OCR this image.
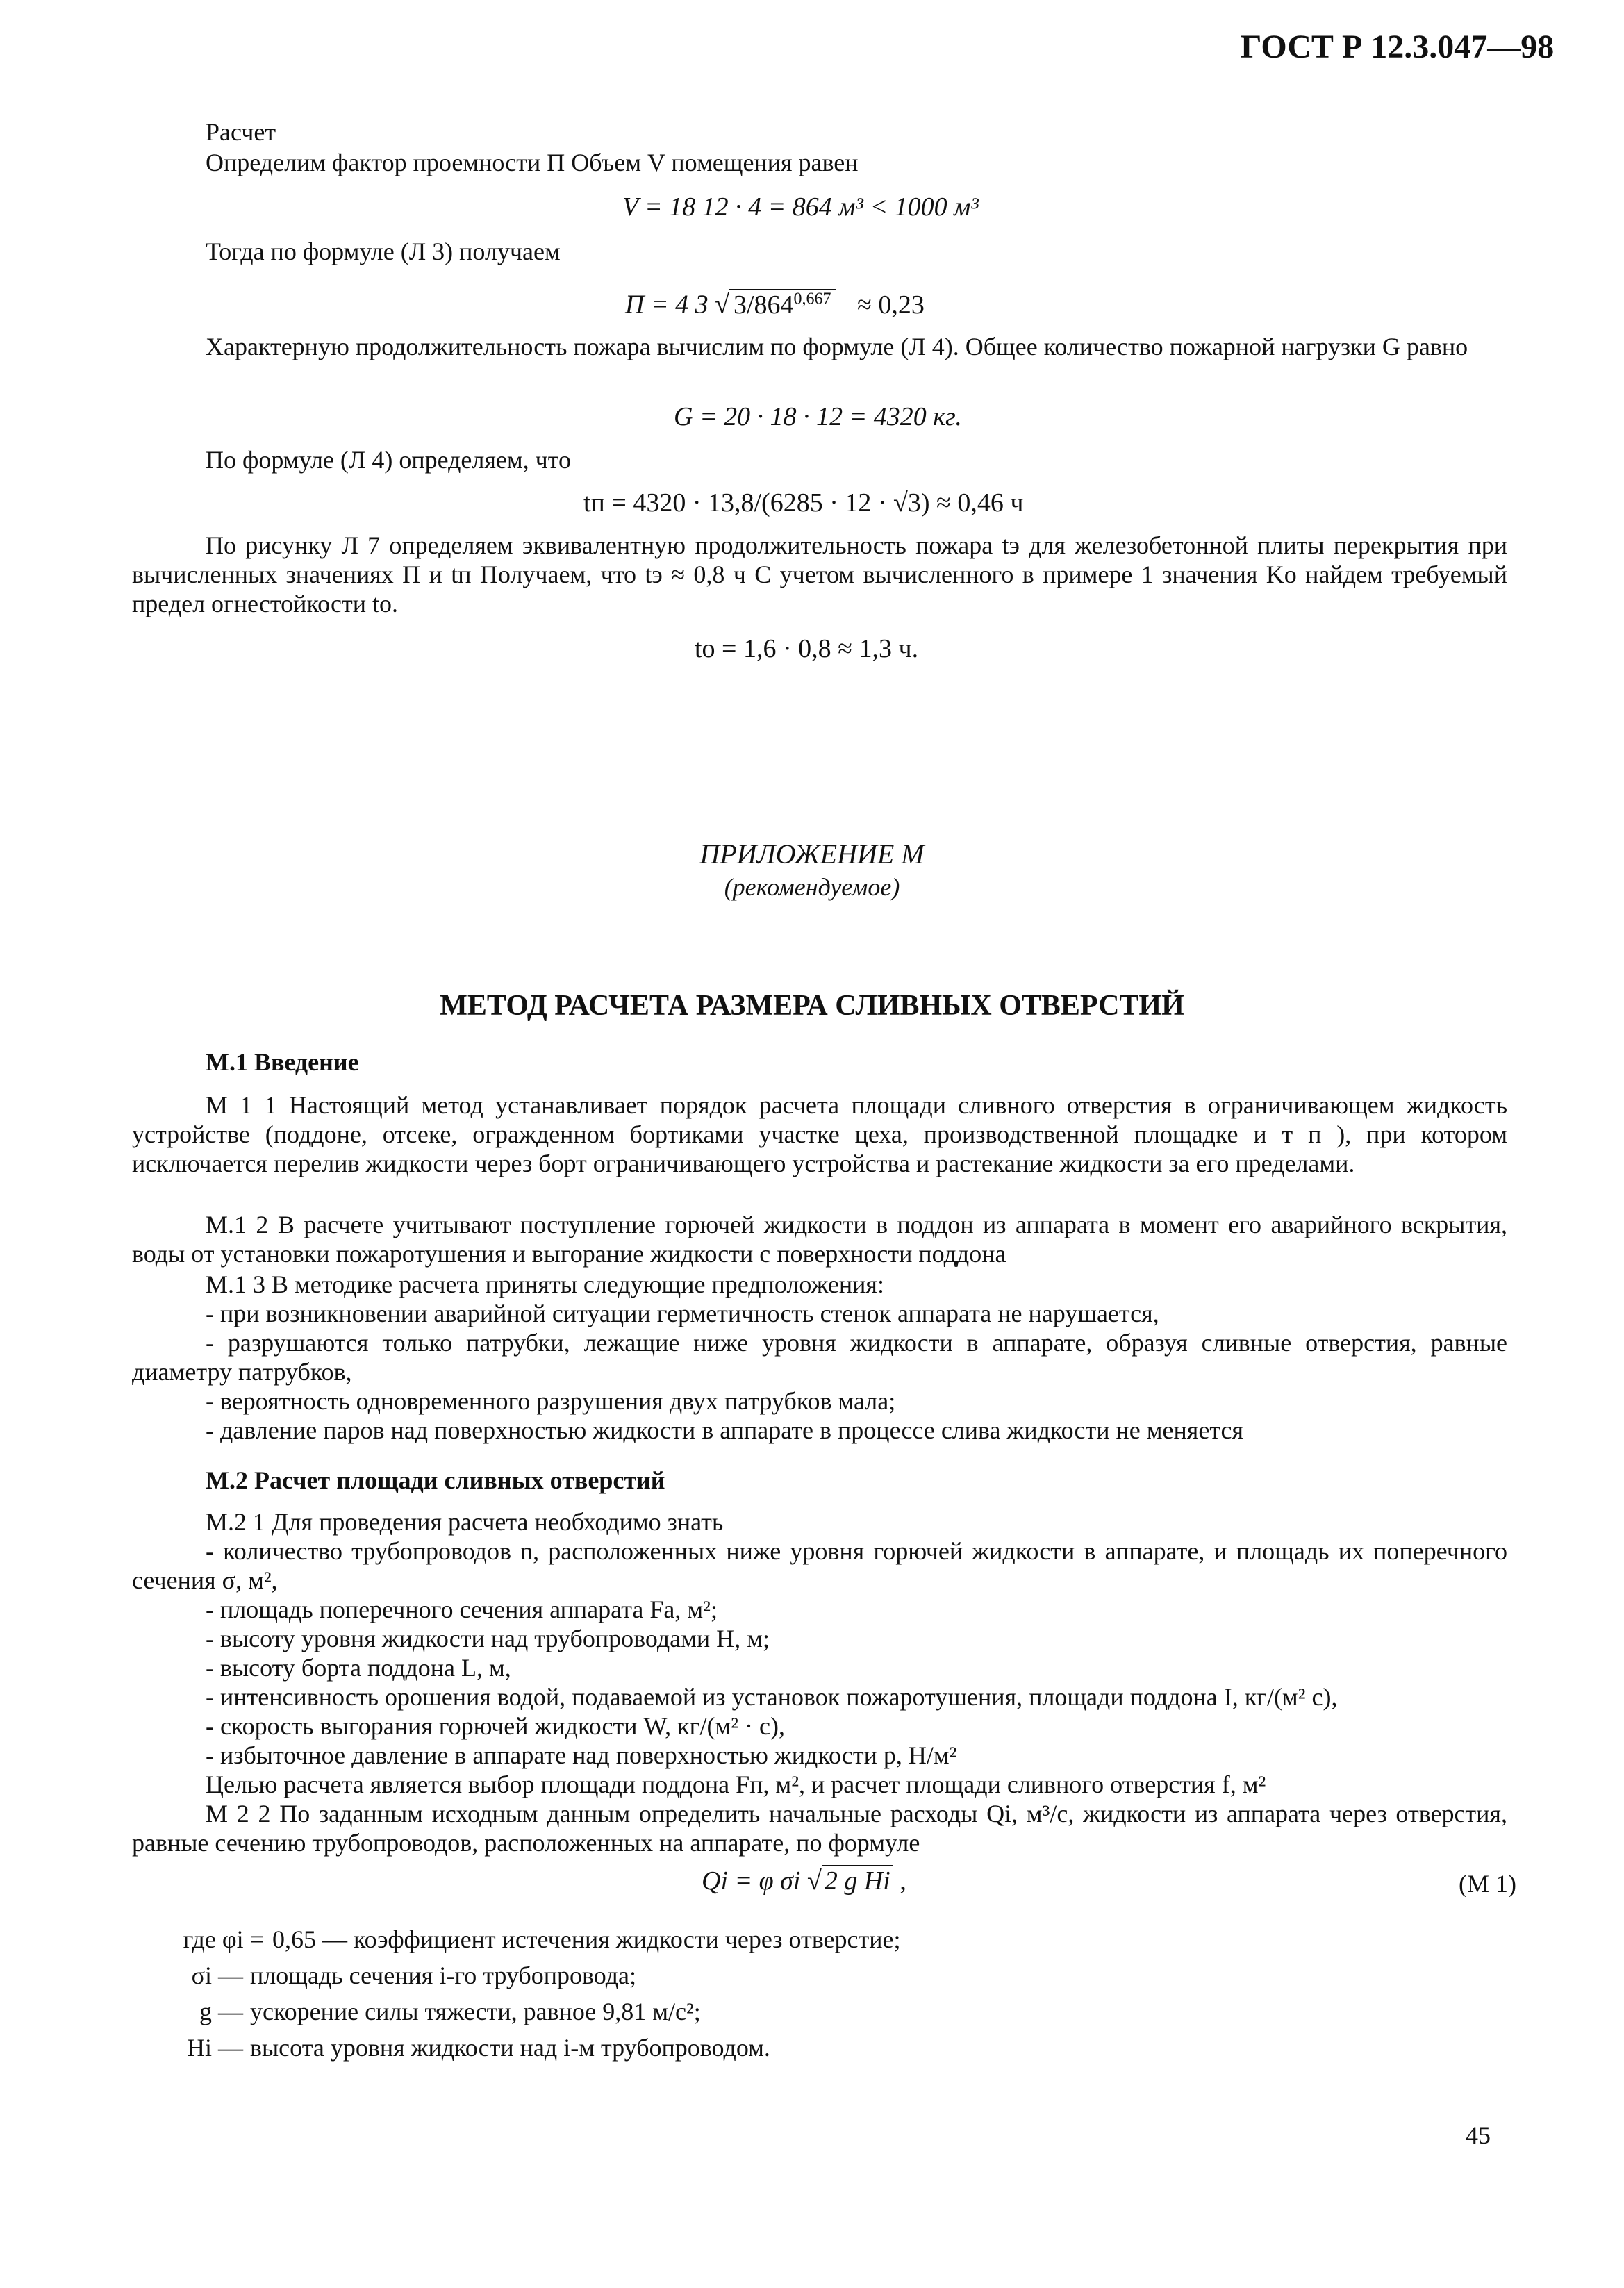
ГОСТ Р 12.3.047—98
Расчет
Определим фактор проемности П Объем V помещения равен
V = 18 12 · 4 = 864 м³ < 1000 м³
Тогда по формуле (Л 3) получаем
П = 4 3 √ $3/864^{0,667} \approx 0,23$
Характерную продолжительность пожара вычислим по формуле (Л 4). Общее количество пожарной нагрузки G равно
G = 20 · 18 · 12 = 4320 кг.
По формуле (Л 4) определяем, что
tп = 4320 · 13,8/(6285 · 12 · √3) ≈ 0,46 ч
По рисунку Л 7 определяем эквивалентную продолжительность пожара tэ для железобетонной плиты перекрытия при вычисленных значениях П и tп Получаем, что tэ ≈ 0,8 ч С учетом вычисленного в примере 1 значения Kо найдем требуемый предел огнестойкости tо.
tо = 1,6 · 0,8 ≈ 1,3 ч.
ПРИЛОЖЕНИЕ М
(рекомендуемое)
МЕТОД РАСЧЕТА РАЗМЕРА СЛИВНЫХ ОТВЕРСТИЙ
М.1 Введение
М 1 1 Настоящий метод устанавливает порядок расчета площади сливного отверстия в ограничивающем жидкость устройстве (поддоне, отсеке, огражденном бортиками участке цеха, производственной площадке и т п ), при котором исключается перелив жидкости через борт ограничивающего устройства и растекание жидкости за его пределами.
М.1 2 В расчете учитывают поступление горючей жидкости в поддон из аппарата в момент его аварийного вскрытия, воды от установки пожаротушения и выгорание жидкости с поверхности поддона
М.1 3 В методике расчета приняты следующие предположения:
- при возникновении аварийной ситуации герметичность стенок аппарата не нарушается,
- разрушаются только патрубки, лежащие ниже уровня жидкости в аппарате, образуя сливные отверстия, равные диаметру патрубков,
- вероятность одновременного разрушения двух патрубков мала;
- давление паров над поверхностью жидкости в аппарате в процессе слива жидкости не меняется
М.2 Расчет площади сливных отверстий
М.2 1 Для проведения расчета необходимо знать
- количество трубопроводов n, расположенных ниже уровня горючей жидкости в аппарате, и площадь их поперечного сечения σ, м²,
- площадь поперечного сечения аппарата Fа, м²;
- высоту уровня жидкости над трубопроводами H, м;
- высоту борта поддона L, м,
- интенсивность орошения водой, подаваемой из установок пожаротушения, площади поддона I, кг/(м² с),
- скорость выгорания горючей жидкости W, кг/(м² · с),
- избыточное давление в аппарате над поверхностью жидкости p, Н/м²
Целью расчета является выбор площади поддона Fп, м², и расчет площади сливного отверстия f, м²
М 2 2 По заданным исходным данным определить начальные расходы Qi, м³/с, жидкости из аппарата через отверстия, равные сечению трубопроводов, расположенных на аппарате, по формуле
Qi = φ σi √ 2 g Hi ,	(М 1)
где φi = 0,65 — коэффициент истечения жидкости через отверстие;
σi — площадь сечения i-го трубопровода;
g — ускорение силы тяжести, равное 9,81 м/с²;
Hi — высота уровня жидкости над i-м трубопроводом.
45
